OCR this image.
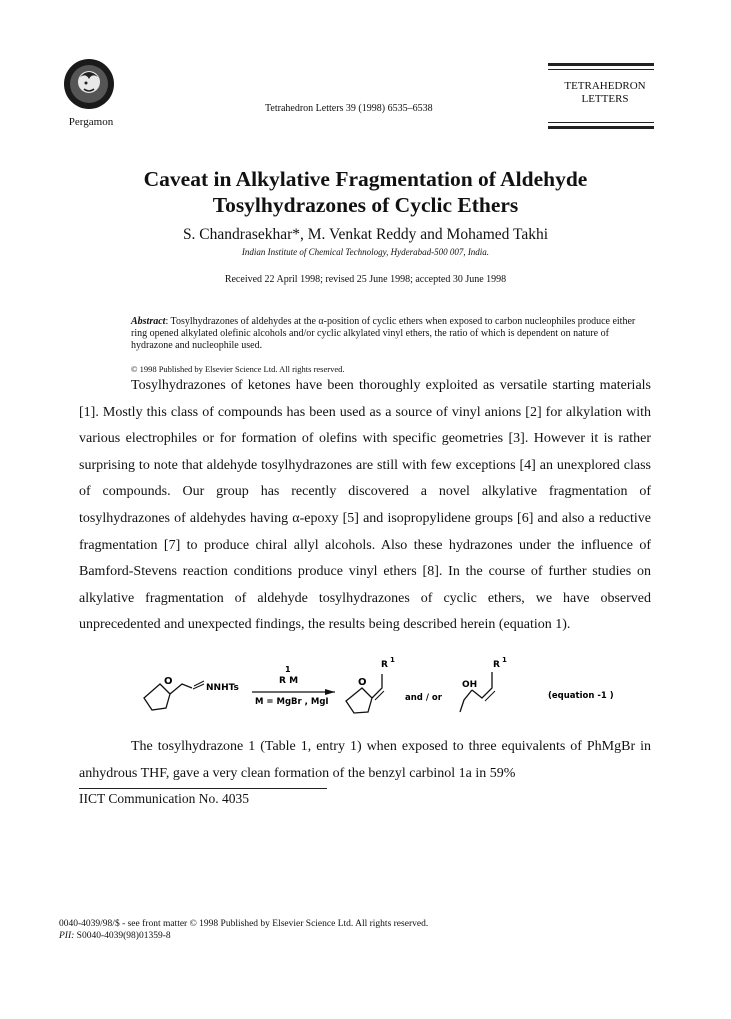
Pergamon
Tetrahedron Letters 39 (1998) 6535–6538
TETRAHEDRON
LETTERS
Caveat in Alkylative Fragmentation of Aldehyde
Tosylhydrazones of Cyclic Ethers
S. Chandrasekhar*, M. Venkat Reddy and Mohamed Takhi
Indian Institute of Chemical Technology, Hyderabad-500 007, India.
Received 22 April 1998; revised 25 June 1998; accepted 30 June 1998
Abstract: Tosylhydrazones of aldehydes at the α-position of cyclic ethers when exposed to carbon nucleophiles produce either ring opened alkylated olefinic alcohols and/or cyclic alkylated vinyl ethers, the ratio of which is dependent on nature of hydrazone and nucleophile used.
© 1998 Published by Elsevier Science Ltd. All rights reserved.

Tosylhydrazones of ketones have been thoroughly exploited as versatile starting materials [1]. Mostly this class of compounds has been used as a source of vinyl anions [2] for alkylation with various electrophiles or for formation of olefins with specific geometries [3]. However it is rather surprising to note that aldehyde tosylhydrazones are still with few exceptions [4] an unexplored class of compounds. Our group has recently discovered a novel alkylative fragmentation of tosylhydrazones of aldehydes having α-epoxy [5] and isopropylidene groups [6] and also a reductive fragmentation [7] to produce chiral allyl alcohols. Also these hydrazones under the influence of Bamford-Stevens reaction conditions produce vinyl ethers [8]. In the course of further studies on alkylative fragmentation of aldehyde tosylhydrazones of cyclic ethers, we have observed unprecedented and unexpected findings, the results being described herein (equation 1).

O
NNHTs
1
R M
M = MgBr , MgI
O
R 1
and / or
OH
R 1
(equation -1 )

The tosylhydrazone 1 (Table 1, entry 1) when exposed to three equivalents of PhMgBr in anhydrous THF, gave a very clean formation of the benzyl carbinol 1a in 59%

IICT Communication No. 4035
0040-4039/98/$ - see front matter © 1998 Published by Elsevier Science Ltd. All rights reserved.
PII: S0040-4039(98)01359-8
